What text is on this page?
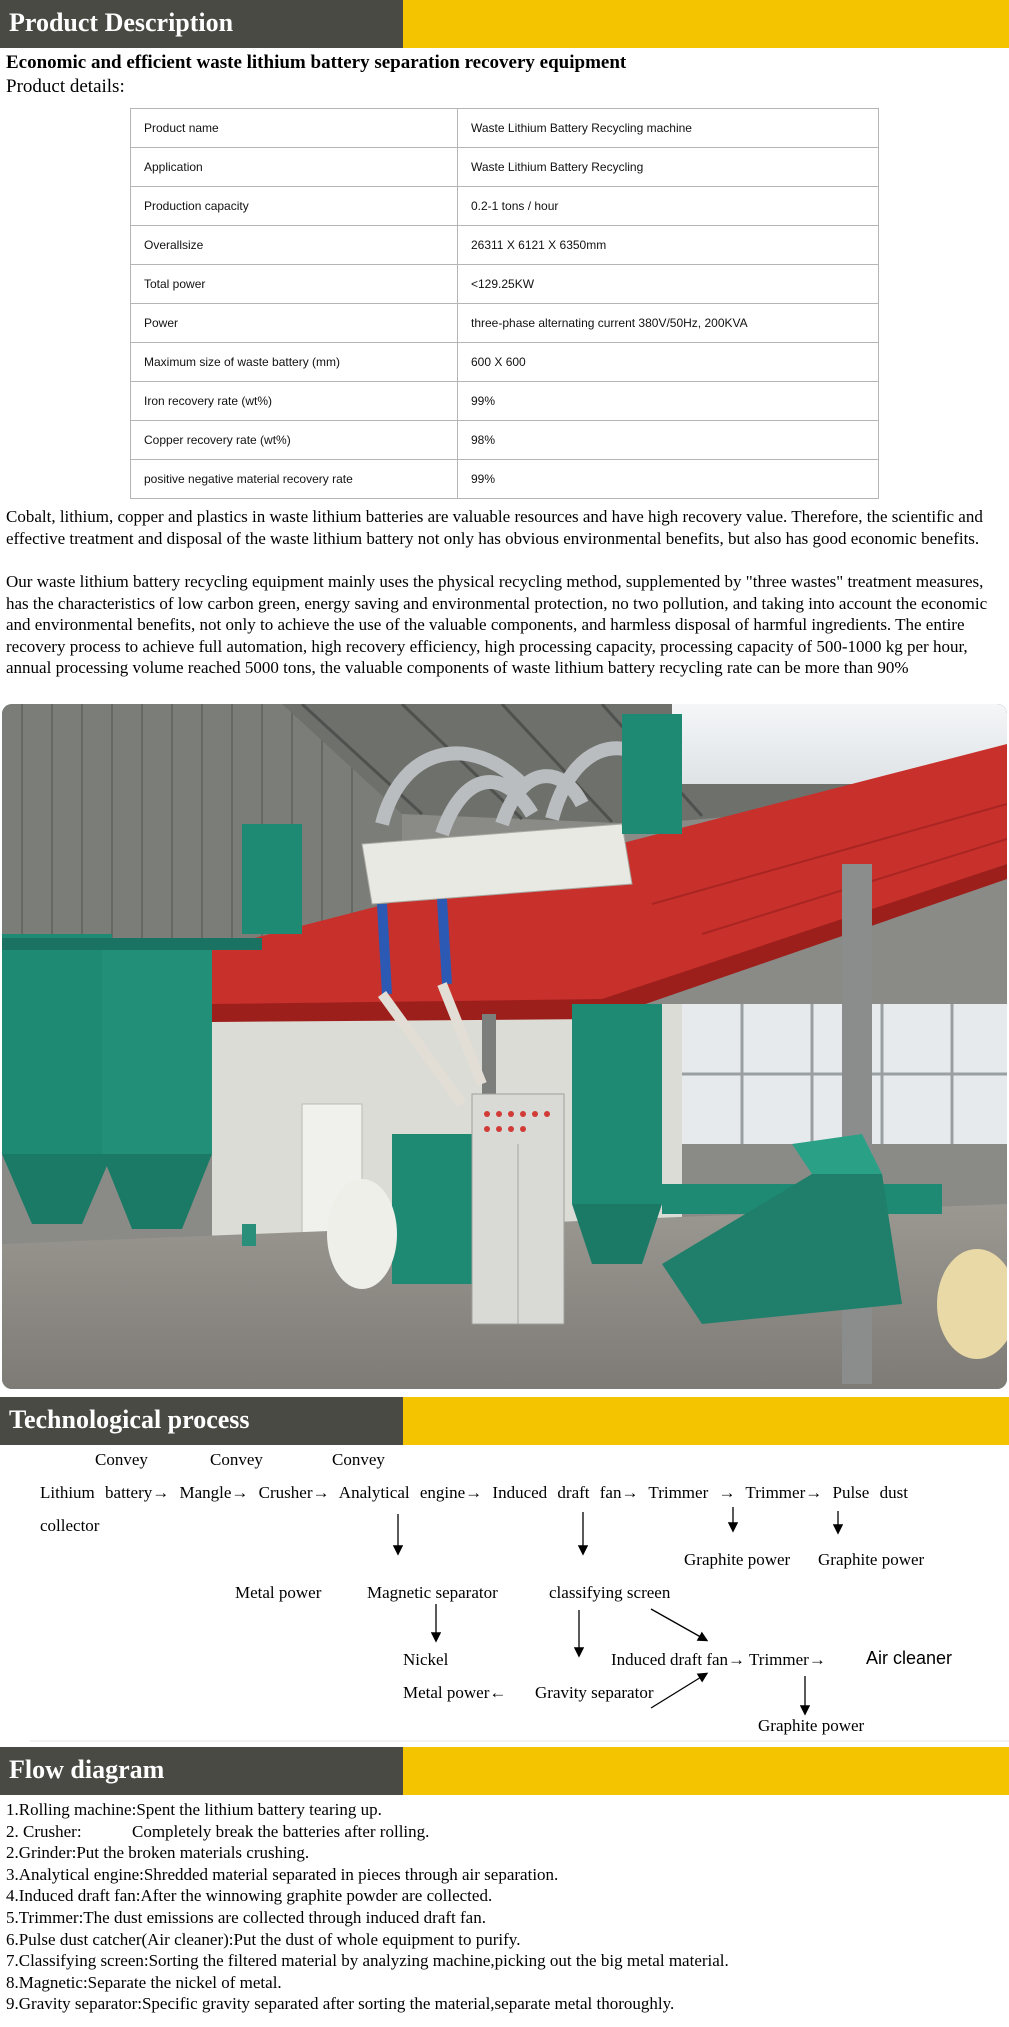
Product Description
Economic and efficient waste lithium battery separation recovery equipment
Product details:
Product name	Waste Lithium Battery Recycling machine
Application	Waste Lithium Battery Recycling
Production capacity	0.2-1 tons / hour
Overallsize	26311 X 6121 X 6350mm
Total power	<129.25KW
Power	three-phase alternating current 380V/50Hz, 200KVA
Maximum size of waste battery (mm)	600 X 600
Iron recovery rate (wt%)	99%
Copper recovery rate (wt%)	98%
positive negative material recovery rate	99%
Cobalt, lithium, copper and plastics in waste lithium batteries are valuable resources and have high recovery value. Therefore, the scientific and effective treatment and disposal of the waste lithium battery not only has obvious environmental benefits, but also has good economic benefits.
Our waste lithium battery recycling equipment mainly uses the physical recycling method, supplemented by "three wastes" treatment measures, has the characteristics of low carbon green, energy saving and environmental protection, no two pollution, and taking into account the economic and environmental benefits, not only to achieve the use of the valuable components, and harmless disposal of harmful ingredients. The entire recovery process to achieve full automation, high recovery efficiency, high processing capacity, processing capacity of 500-1000 kg per hour, annual processing volume reached 5000 tons, the valuable components of waste lithium battery recycling rate can be more than 90%
Technological process
Convey	Convey	Convey
Lithium battery→ Mangle→ Crusher→ Analytical engine→ Induced draft fan→ Trimmer → Trimmer→ Pulse dust
collector
Graphite power Graphite power
Metal power	Magnetic separator	classifying screen
Nickel	Induced draft fan→ Trimmer→ Air cleaner
Metal power← Gravity separator
Graphite power
Flow diagram
1.Rolling machine:Spent the lithium battery tearing up.
2. Crusher:	Completely break the batteries after rolling.
2.Grinder:Put the broken materials crushing.
3.Analytical engine:Shredded material separated in pieces through air separation.
4.Induced draft fan:After the winnowing graphite powder are collected.
5.Trimmer:The dust emissions are collected through induced draft fan.
6.Pulse dust catcher(Air cleaner):Put the dust of whole equipment to purify.
7.Classifying screen:Sorting the filtered material by analyzing machine,picking out the big metal material.
8.Magnetic:Separate the nickel of metal.
9.Gravity separator:Specific gravity separated after sorting the material,separate metal thoroughly.
